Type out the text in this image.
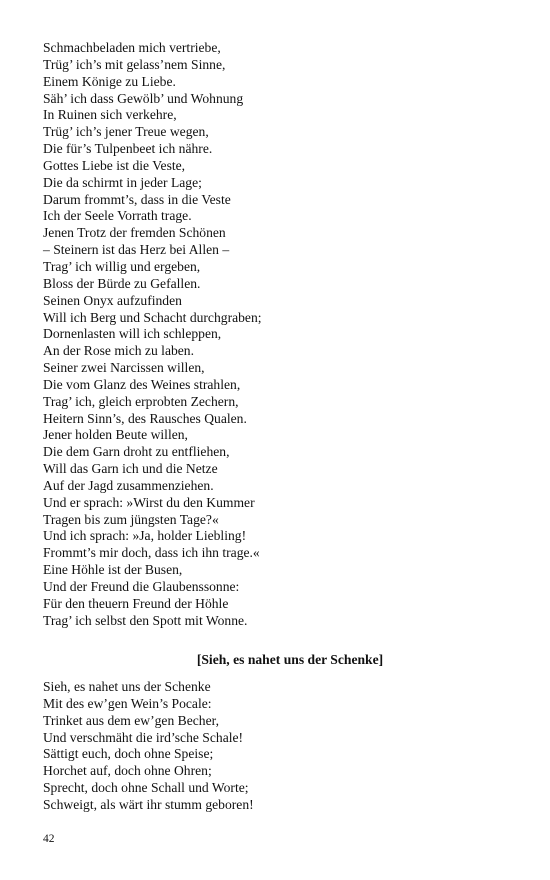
Schmachbeladen mich vertriebe,
Trüg’ ich’s mit gelass’nem Sinne,
Einem Könige zu Liebe.
Säh’ ich dass Gewölb’ und Wohnung
In Ruinen sich verkehre,
Trüg’ ich’s jener Treue wegen,
Die für’s Tulpenbeet ich nähre.
Gottes Liebe ist die Veste,
Die da schirmt in jeder Lage;
Darum frommt’s, dass in die Veste
Ich der Seele Vorrath trage.
Jenen Trotz der fremden Schönen
– Steinern ist das Herz bei Allen –
Trag’ ich willig und ergeben,
Bloss der Bürde zu Gefallen.
Seinen Onyx aufzufinden
Will ich Berg und Schacht durchgraben;
Dornenlasten will ich schleppen,
An der Rose mich zu laben.
Seiner zwei Narcissen willen,
Die vom Glanz des Weines strahlen,
Trag’ ich, gleich erprobten Zechern,
Heitern Sinn’s, des Rausches Qualen.
Jener holden Beute willen,
Die dem Garn droht zu entfliehen,
Will das Garn ich und die Netze
Auf der Jagd zusammenziehen.
Und er sprach: »Wirst du den Kummer
Tragen bis zum jüngsten Tage?«
Und ich sprach: »Ja, holder Liebling!
Frommt’s mir doch, dass ich ihn trage.«
Eine Höhle ist der Busen,
Und der Freund die Glaubenssonne:
Für den theuern Freund der Höhle
Trag’ ich selbst den Spott mit Wonne.
[Sieh, es nahet uns der Schenke]
Sieh, es nahet uns der Schenke
Mit des ew’gen Wein’s Pocale:
Trinket aus dem ew’gen Becher,
Und verschmäht die ird’sche Schale!
Sättigt euch, doch ohne Speise;
Horchet auf, doch ohne Ohren;
Sprecht, doch ohne Schall und Worte;
Schweigt, als wärt ihr stumm geboren!
42
